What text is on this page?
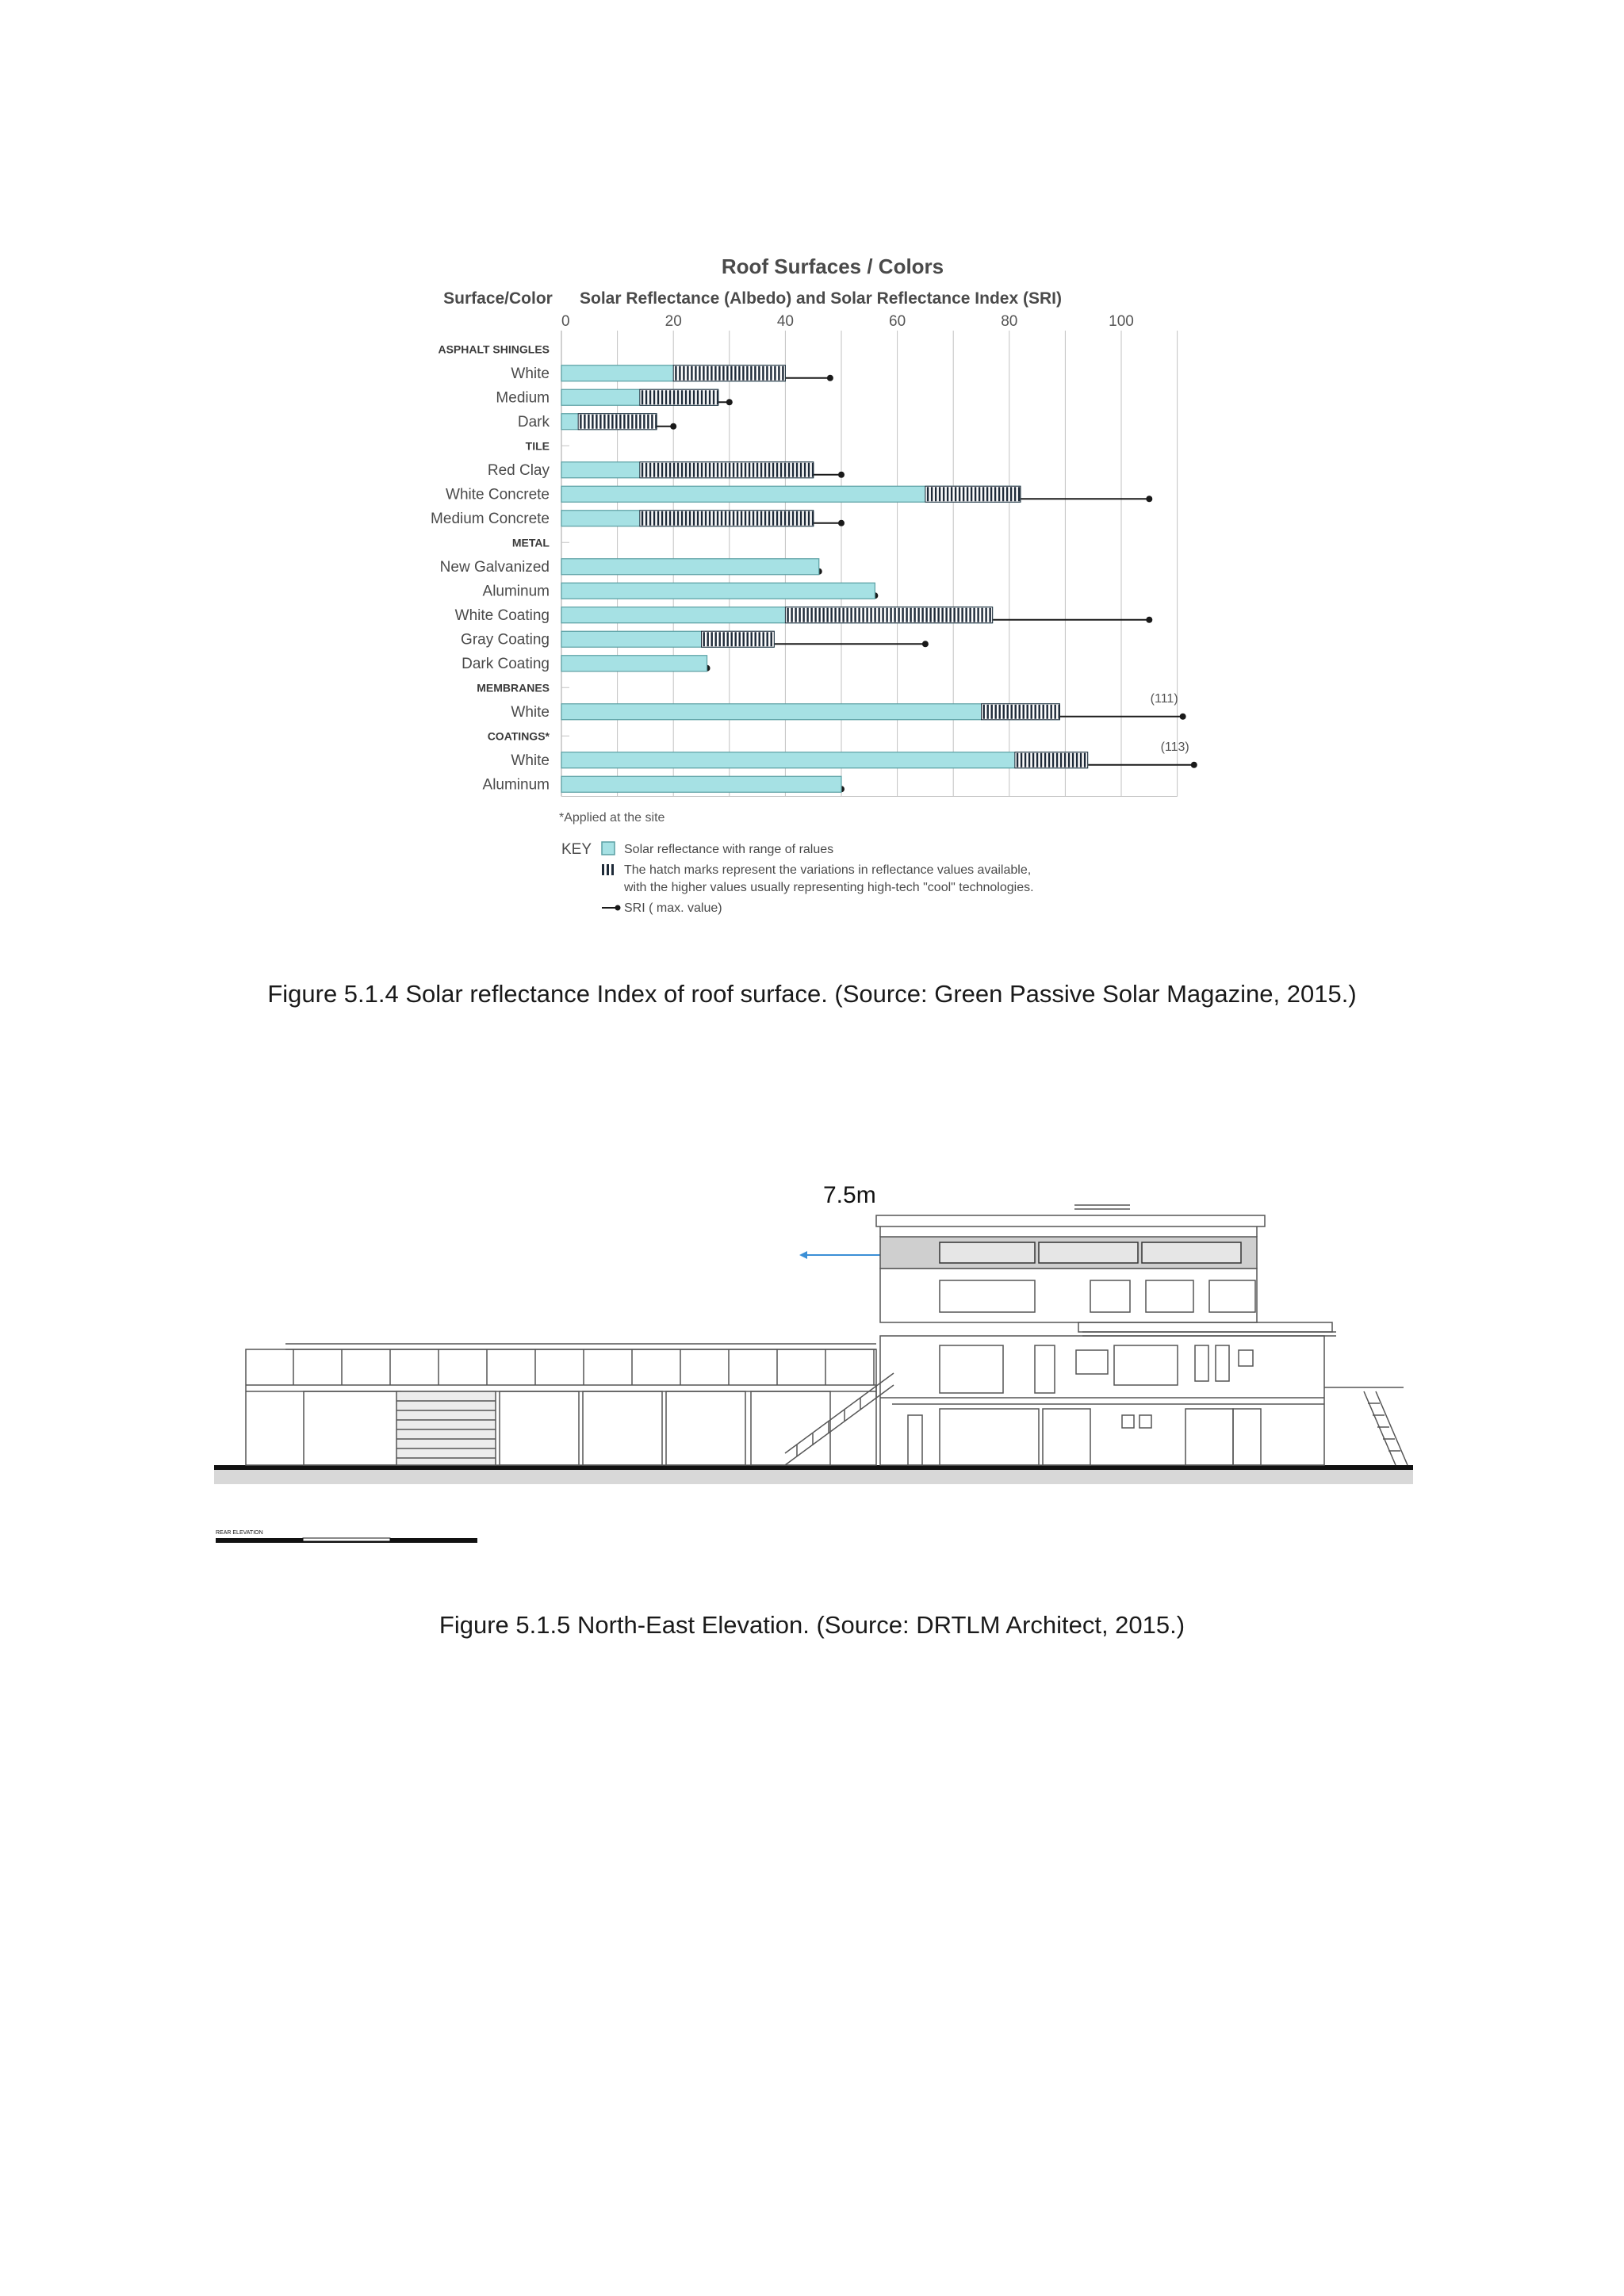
Roof Surfaces / Colors
Surface/Color Solar Reflectance (Albedo) and Solar Reflectance Index (SRI)
0	20	40	60	80	100
ASPHALT SHINGLES
White
Medium
Dark
TILE
Red Clay
White Concrete
Medium Concrete
METAL
New Galvanized
Aluminum
White Coating
Gray Coating
Dark Coating
MEMBRANES
White
COATINGS*
White
Aluminum
(111)
(113)
*Applied at the site
KEY	Solar reflectance with range of ralues
The hatch marks represent the variations in reflectance values available,
with the higher values usually representing high-tech "cool" technologies.
SRI ( max. value)
Figure 5.1.4 Solar reflectance Index of roof surface. (Source: Green Passive Solar Magazine, 2015.)
7.5m
REAR ELEVATION
Figure 5.1.5 North-East Elevation. (Source: DRTLM Architect, 2015.)
